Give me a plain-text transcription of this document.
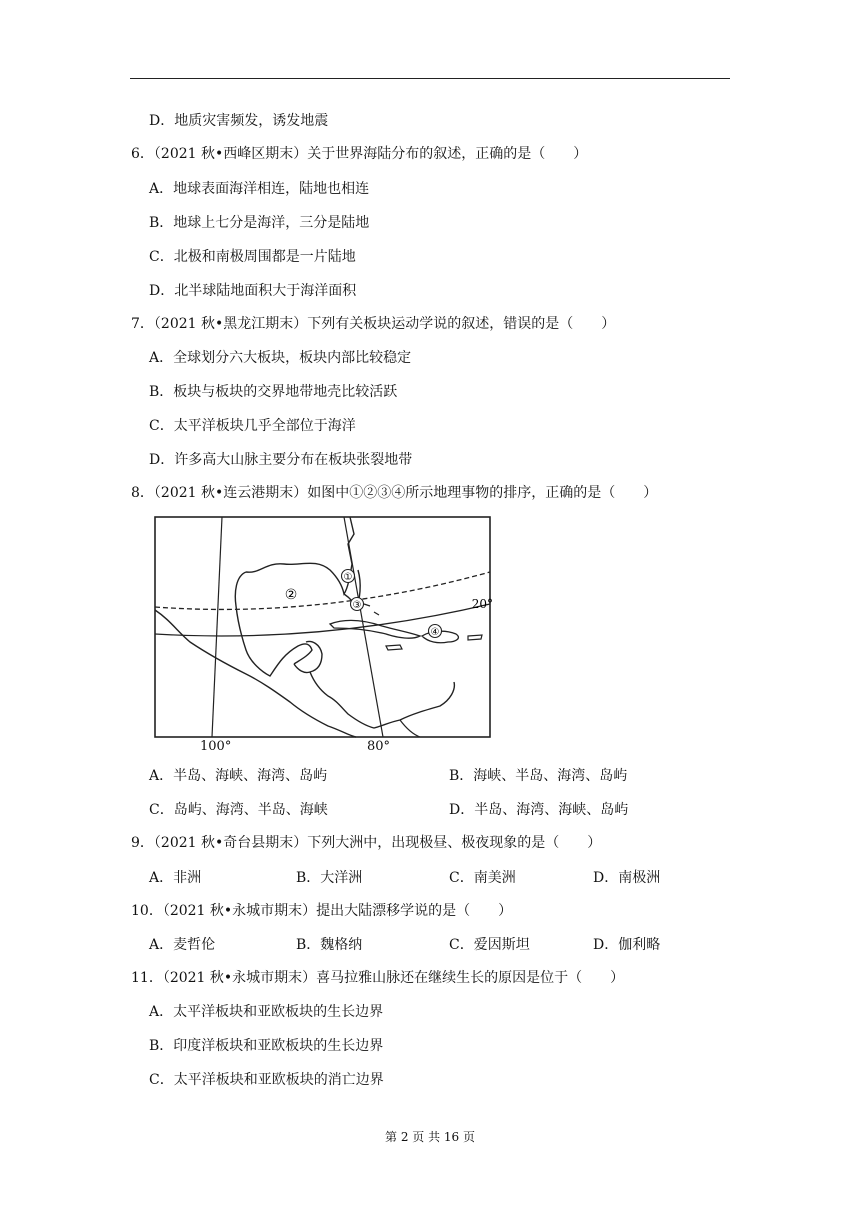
D．地质灾害频发，诱发地震
6．（2021 秋•西峰区期末）关于世界海陆分布的叙述，正确的是（　　）
A．地球表面海洋相连，陆地也相连
B．地球上七分是海洋，三分是陆地
C．北极和南极周围都是一片陆地
D．北半球陆地面积大于海洋面积
7．（2021 秋•黑龙江期末）下列有关板块运动学说的叙述，错误的是（　　）
A．全球划分六大板块，板块内部比较稳定
B．板块与板块的交界地带地壳比较活跃
C．太平洋板块几乎全部位于海洋
D．许多高大山脉主要分布在板块张裂地带
8．（2021 秋•连云港期末）如图中①②③④所示地理事物的排序，正确的是（　　）
①
②
③
④
20°
100°	80°
A．半岛、海峡、海湾、岛屿	B．海峡、半岛、海湾、岛屿
C．岛屿、海湾、半岛、海峡	D．半岛、海湾、海峡、岛屿
9．（2021 秋•奇台县期末）下列大洲中，出现极昼、极夜现象的是（　　）
A．非洲	B．大洋洲	C．南美洲	D．南极洲
10．（2021 秋•永城市期末）提出大陆漂移学说的是（　　）
A．麦哲伦	B．魏格纳	C．爱因斯坦	D．伽利略
11．（2021 秋•永城市期末）喜马拉雅山脉还在继续生长的原因是位于（　　）
A．太平洋板块和亚欧板块的生长边界
B．印度洋板块和亚欧板块的生长边界
C．太平洋板块和亚欧板块的消亡边界
第 2 页 共 16 页
